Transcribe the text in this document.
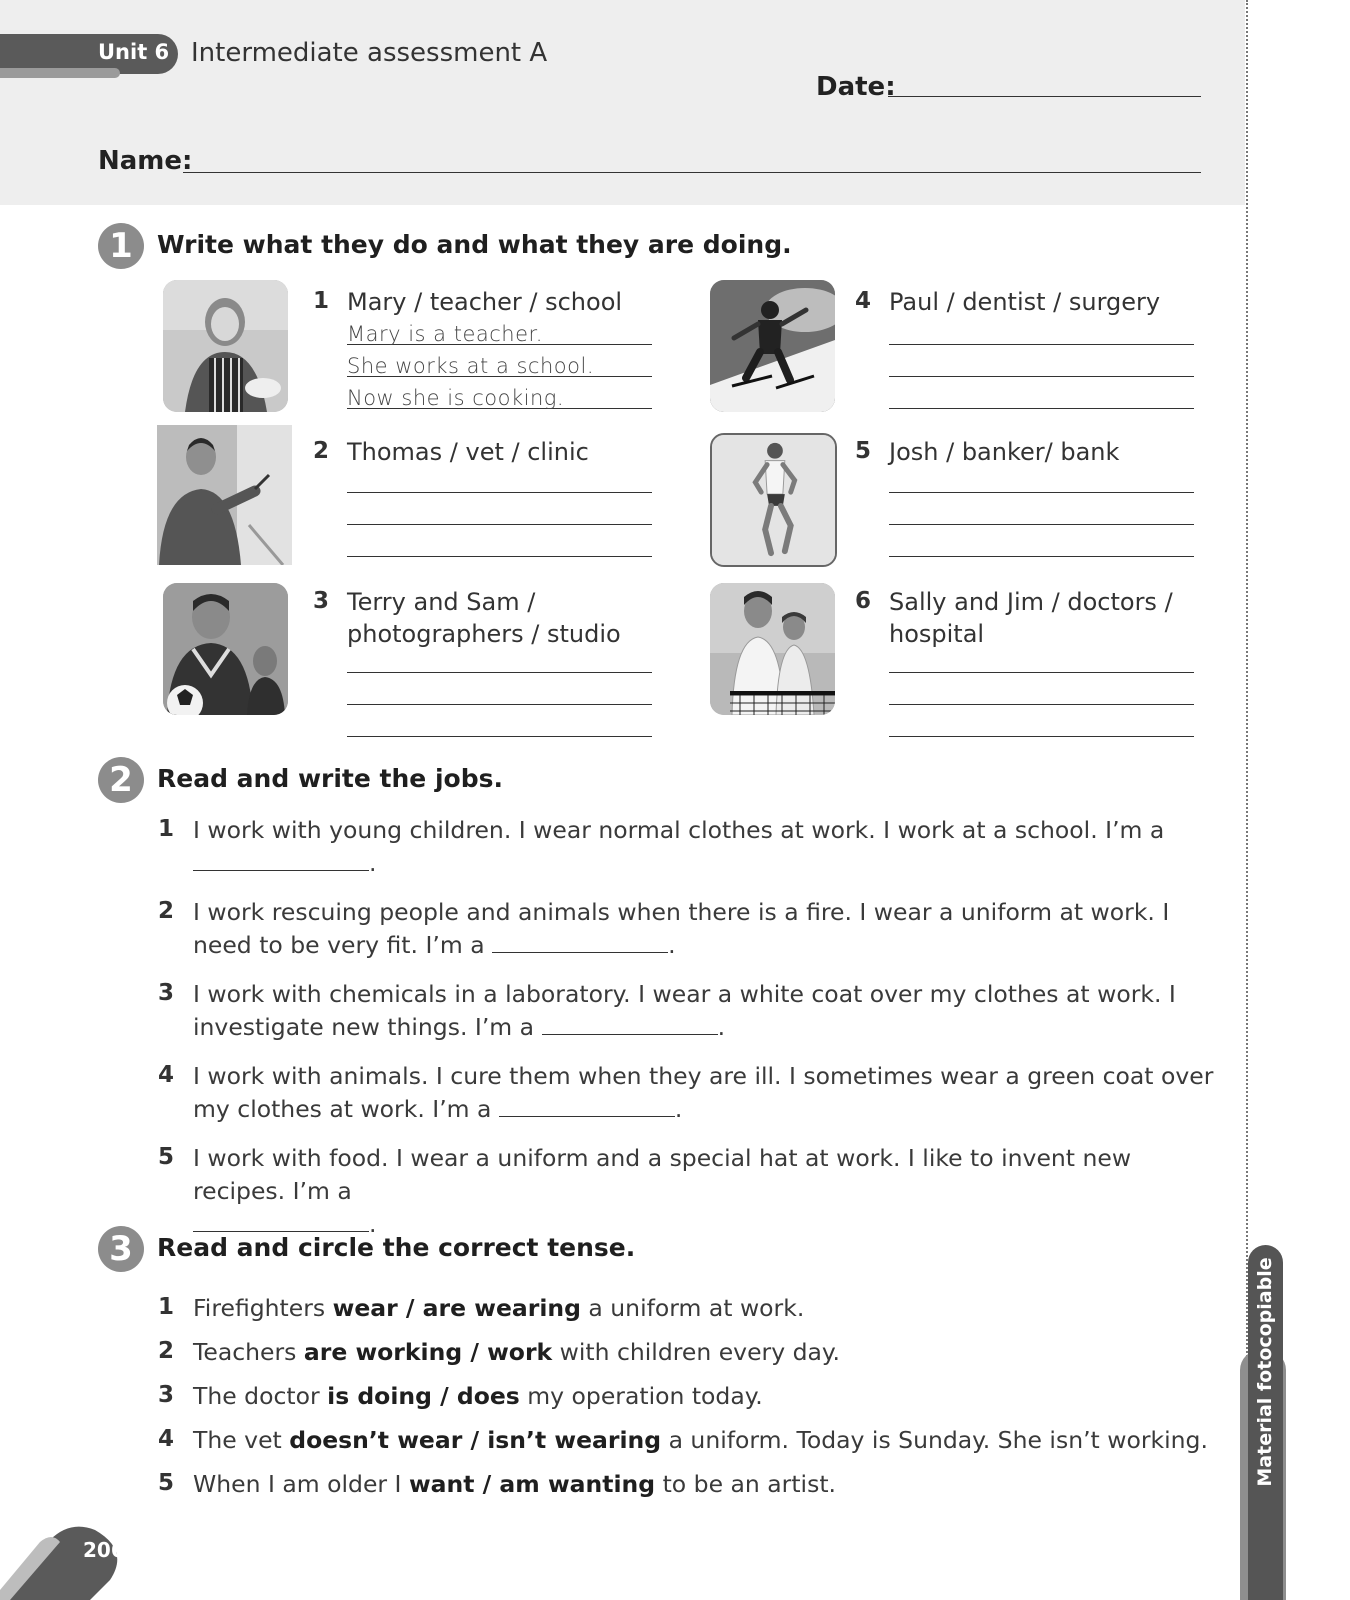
Unit 6 Intermediate assessment A
Date:
Name:
1 Write what they do and what they are doing.
1 Mary / teacher / school
Mary is a teacher.
She works at a school.
Now she is cooking.
2 Thomas / vet / clinic
3 Terry and Sam /
photographers / studio
4 Paul / dentist / surgery
5 Josh / banker/ bank
6 Sally and Jim / doctors /
hospital
2 Read and write the jobs.
1 I work with young children. I wear normal clothes at work. I work at a school. I’m a
.
2 I work rescuing people and animals when there is a fire. I wear a uniform at work. I need to be very fit. I’m a	.
3 I work with chemicals in a laboratory. I wear a white coat over my clothes at work. I investigate new things. I’m a	.
4 I work with animals. I cure them when they are ill. I sometimes wear a green coat over my clothes at work. I’m a	.
5 I work with food. I wear a uniform and a special hat at work. I like to invent new recipes. I’m a
.
3 Read and circle the correct tense.
1 Firefighters wear / are wearing a uniform at work.
2 Teachers are working / work with children every day.
3 The doctor is doing / does my operation today.
4 The vet doesn’t wear / isn’t wearing a uniform. Today is Sunday. She isn’t working.
5 When I am older I want / am wanting to be an artist.	Material fotocopiable
206
